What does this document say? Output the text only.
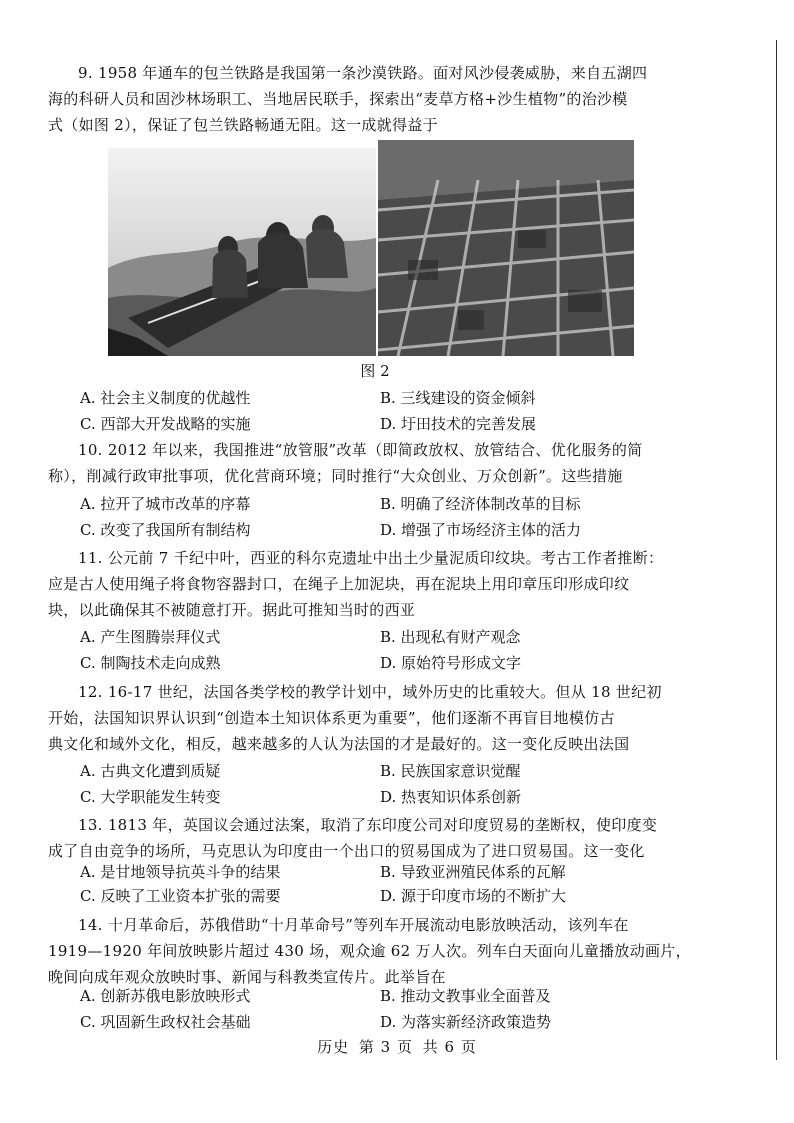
9. 1958 年通车的包兰铁路是我国第一条沙漠铁路。面对风沙侵袭威胁，来自五湖四
海的科研人员和固沙林场职工、当地居民联手，探索出“麦草方格+沙生植物”的治沙模
式（如图 2），保证了包兰铁路畅通无阻。这一成就得益于
图 2
A. 社会主义制度的优越性	B. 三线建设的资金倾斜
C. 西部大开发战略的实施	D. 圩田技术的完善发展
10. 2012 年以来，我国推进“放管服”改革（即简政放权、放管结合、优化服务的简
称），削减行政审批事项，优化营商环境；同时推行“大众创业、万众创新”。这些措施
A. 拉开了城市改革的序幕	B. 明确了经济体制改革的目标
C. 改变了我国所有制结构	D. 增强了市场经济主体的活力
11. 公元前 7 千纪中叶，西亚的科尔克遗址中出土少量泥质印纹块。考古工作者推断：
应是古人使用绳子将食物容器封口，在绳子上加泥块，再在泥块上用印章压印形成印纹
块，以此确保其不被随意打开。据此可推知当时的西亚
A. 产生图腾崇拜仪式	B. 出现私有财产观念
C. 制陶技术走向成熟	D. 原始符号形成文字
12. 16-17 世纪，法国各类学校的教学计划中，域外历史的比重较大。但从 18 世纪初
开始，法国知识界认识到“创造本土知识体系更为重要”，他们逐渐不再盲目地模仿古
典文化和域外文化，相反，越来越多的人认为法国的才是最好的。这一变化反映出法国
A. 古典文化遭到质疑	B. 民族国家意识觉醒
C. 大学职能发生转变	D. 热衷知识体系创新
13. 1813 年，英国议会通过法案，取消了东印度公司对印度贸易的垄断权，使印度变
成了自由竞争的场所，马克思认为印度由一个出口的贸易国成为了进口贸易国。这一变化
A. 是甘地领导抗英斗争的结果	B. 导致亚洲殖民体系的瓦解
C. 反映了工业资本扩张的需要	D. 源于印度市场的不断扩大
14. 十月革命后，苏俄借助“十月革命号”等列车开展流动电影放映活动，该列车在
1919—1920 年间放映影片超过 430 场，观众逾 62 万人次。列车白天面向儿童播放动画片，
晚间向成年观众放映时事、新闻与科教类宣传片。此举旨在
A. 创新苏俄电影放映形式	B. 推动文教事业全面普及
C. 巩固新生政权社会基础	D. 为落实新经济政策造势
历史 第 3 页 共 6 页
